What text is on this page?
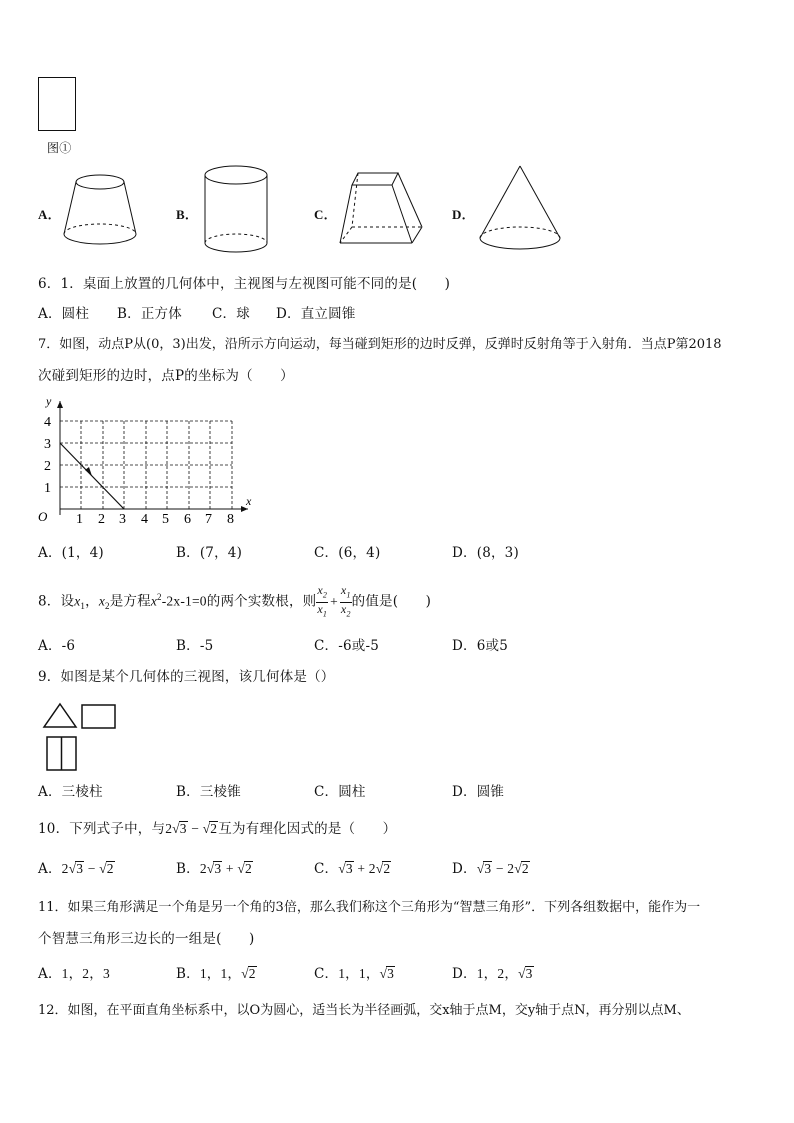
图①
A．	B．	C．	D．
6．1．桌面上放置的几何体中，主视图与左视图可能不同的是(　　)
A．圆柱 B．正方体 C．球 D．直立圆锥
7．如图，动点P从(0，3)出发，沿所示方向运动，每当碰到矩形的边时反弹，反弹时反射角等于入射角．当点P第2018
次碰到矩形的边时，点P的坐标为（　　）
y
x
O
1
2
3
4
1 2 3 4 5 6 7 8
A．(1，4)	B．(7，4)	C．(6，4)	D．(8，3)
8．设$x_1$，$x_2$是方程$x^2-2x-1=0$的两个实数根，则 $\frac{x_2}{x_1} + \frac{x_1}{x_2}$ 的值是(　　)
A．-6	B．-5	C．-6或-5	D．6或5
9．如图是某个几何体的三视图，该几何体是（）
A．三棱柱	B．三棱锥	C．圆柱	D．圆锥
10．下列式子中，与2√3 − √2互为有理化因式的是（　　）
A．2√3 − √2	B．2√3 + √2	C．√3 + 2√2	D．√3 − 2√2
11．如果三角形满足一个角是另一个角的3倍，那么我们称这个三角形为“智慧三角形”．下列各组数据中，能作为一
个智慧三角形三边长的一组是(　　)
A．1，2，3	B．1，1，√2	C．1，1，√3	D．1，2，√3
12．如图，在平面直角坐标系中，以O为圆心，适当长为半径画弧，交x轴于点M，交y轴于点N，再分别以点M、
